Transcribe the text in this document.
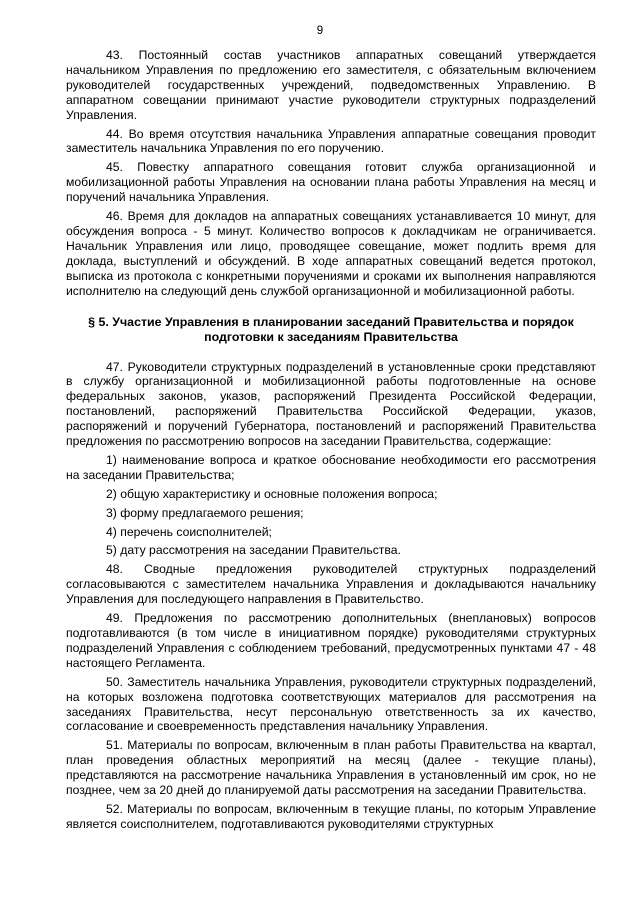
9

43. Постоянный состав участников аппаратных совещаний утверждается начальником Управления по предложению его заместителя, с обязательным включением руководителей государственных учреждений, подведомственных Управлению. В аппаратном совещании принимают участие руководители структурных подразделений Управления.

44. Во время отсутствия начальника Управления аппаратные совещания проводит заместитель начальника Управления по его поручению.

45. Повестку аппаратного совещания готовит служба организационной и мобилизационной работы Управления на основании плана работы Управления на месяц и поручений начальника Управления.

46. Время для докладов на аппаратных совещаниях устанавливается 10 минут, для обсуждения вопроса - 5 минут. Количество вопросов к докладчикам не ограничивается. Начальник Управления или лицо, проводящее совещание, может подлить время для доклада, выступлений и обсуждений. В ходе аппаратных совещаний ведется протокол, выписка из протокола с конкретными поручениями и сроками их выполнения направляются исполнителю на следующий день службой организационной и мобилизационной работы.

§ 5. Участие Управления в планировании заседаний Правительства и порядок подготовки к заседаниям Правительства

47. Руководители структурных подразделений в установленные сроки представляют в службу организационной и мобилизационной работы подготовленные на основе федеральных законов, указов, распоряжений Президента Российской Федерации, постановлений, распоряжений Правительства Российской Федерации, указов, распоряжений и поручений Губернатора, постановлений и распоряжений Правительства предложения по рассмотрению вопросов на заседании Правительства, содержащие:

1) наименование вопроса и краткое обоснование необходимости его рассмотрения на заседании Правительства;

2) общую характеристику и основные положения вопроса;

3) форму предлагаемого решения;

4) перечень соисполнителей;

5) дату рассмотрения на заседании Правительства.

48. Сводные предложения руководителей структурных подразделений согласовываются с заместителем начальника Управления и докладываются начальнику Управления для последующего направления в Правительство.

49. Предложения по рассмотрению дополнительных (внеплановых) вопросов подготавливаются (в том числе в инициативном порядке) руководителями структурных подразделений Управления с соблюдением требований, предусмотренных пунктами 47 - 48 настоящего Регламента.

50. Заместитель начальника Управления, руководители структурных подразделений, на которых возложена подготовка соответствующих материалов для рассмотрения на заседаниях Правительства, несут персональную ответственность за их качество, согласование и своевременность представления начальнику Управления.

51. Материалы по вопросам, включенным в план работы Правительства на квартал, план проведения областных мероприятий на месяц (далее - текущие планы), представляются на рассмотрение начальника Управления в установленный им срок, но не позднее, чем за 20 дней до планируемой даты рассмотрения на заседании Правительства.

52. Материалы по вопросам, включенным в текущие планы, по которым Управление является соисполнителем, подготавливаются руководителями структурных
